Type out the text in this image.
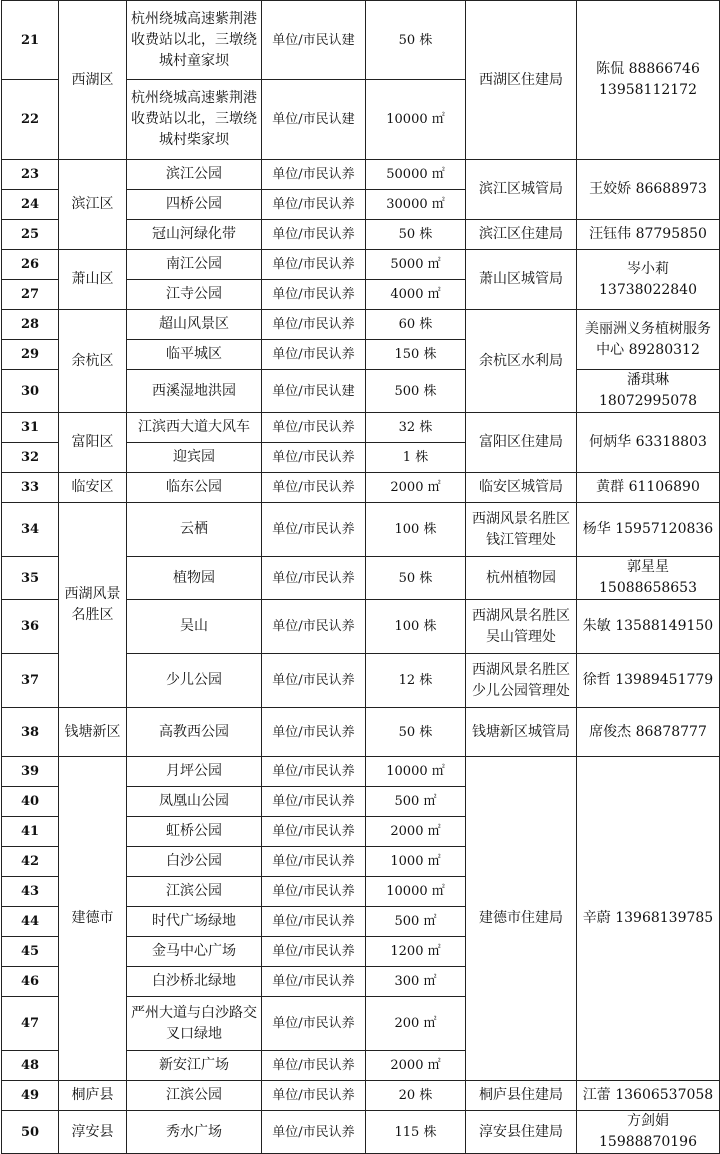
21	西湖区	杭州绕城高速紫荆港收费站以北，三墩绕城村童家坝	单位/市民认建	50 株	西湖区住建局	陈侃 88866746 13958112172
22		杭州绕城高速紫荆港收费站以北，三墩绕城村柴家坝	单位/市民认建	10000 ㎡		
23	滨江区	滨江公园	单位/市民认养	50000 ㎡	滨江区城管局	王姣娇 86688973
24		四桥公园	单位/市民认养	30000 ㎡		
25		冠山河绿化带	单位/市民认养	50 株	滨江区住建局	汪钰伟 87795850
26	萧山区	南江公园	单位/市民认养	5000 ㎡	萧山区城管局	岑小莉 13738022840
27		江寺公园	单位/市民认养	4000 ㎡		
28	余杭区	超山风景区	单位/市民认养	60 株	余杭区水利局	美丽洲义务植树服务中心 89280312
29		临平城区	单位/市民认养	150 株		
30		西溪湿地洪园	单位/市民认建	500 株		潘琪琳 18072995078
31	富阳区	江滨西大道大风车	单位/市民认养	32 株	富阳区住建局	何炳华 63318803
32		迎宾园	单位/市民认养	1 株		
33	临安区	临东公园	单位/市民认养	2000 ㎡	临安区城管局	黄群 61106890
34	西湖风景名胜区	云栖	单位/市民认养	100 株	西湖风景名胜区钱江管理处	杨华 15957120836
35		植物园	单位/市民认养	50 株	杭州植物园	郭星星 15088658653
36		吴山	单位/市民认养	100 株	西湖风景名胜区吴山管理处	朱敏 13588149150
37		少儿公园	单位/市民认养	12 株	西湖风景名胜区少儿公园管理处	徐哲 13989451779
38	钱塘新区	高教西公园	单位/市民认养	50 株	钱塘新区城管局	席俊杰 86878777
39	建德市	月坪公园	单位/市民认养	10000 ㎡	建德市住建局	辛蔚 13968139785
40		凤凰山公园	单位/市民认养	500 ㎡		
41		虹桥公园	单位/市民认养	2000 ㎡		
42		白沙公园	单位/市民认养	1000 ㎡		
43		江滨公园	单位/市民认养	10000 ㎡		
44		时代广场绿地	单位/市民认养	500 ㎡		
45		金马中心广场	单位/市民认养	1200 ㎡		
46		白沙桥北绿地	单位/市民认养	300 ㎡		
47		严州大道与白沙路交叉口绿地	单位/市民认养	200 ㎡		
48		新安江广场	单位/市民认养	2000 ㎡		
49	桐庐县	江滨公园	单位/市民认养	20 株	桐庐县住建局	江蕾 13606537058
50	淳安县	秀水广场	单位/市民认养	115 株	淳安县住建局	方剑娟 15988870196
